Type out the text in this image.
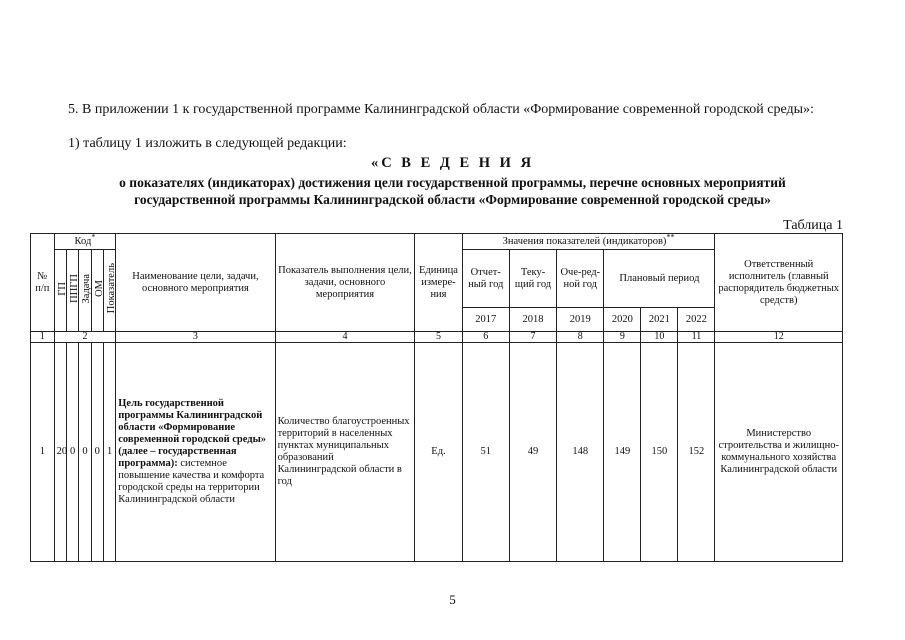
5. В приложении 1 к государственной программе Калининградской области «Формирование современной городской среды»:

1) таблицу 1 изложить в следующей редакции:

«С В Е Д Е Н И Я
о показателях (индикаторах) достижения цели государственной программы, перечне основных мероприятий
государственной программы Калининградской области «Формирование современной городской среды»
Таблица 1
№ п/п	Код*					Наименование цели, задачи, основного мероприятия	Показатель выполнения цели, задачи, основного мероприятия	Единица измере-ния	Значения показателей (индикаторов)**						Ответственный исполнитель (главный распорядитель бюджетных средств)
	ГП	ППГП	Задача	ОМ	Показатель				Отчет-ный год	Теку-щий год	Оче-ред-ной год	Плановый период			
									2017	2018	2019	2020	2021	2022	
1	2					3	4	5	6	7	8	9	10	11	12
1	20	0	0	0	1	Цель государственной программы Калининградской области «Формирование современной городской среды» (далее – государственная программа): системное повышение качества и комфорта городской среды на территории Калининградской области	Количество благоустроенных территорий в населенных пунктах муниципальных образований Калининградской области в год	Ед.	51	49	148	149	150	152	Министерство строительства и жилищно-коммунального хозяйства Калининградской области
5
